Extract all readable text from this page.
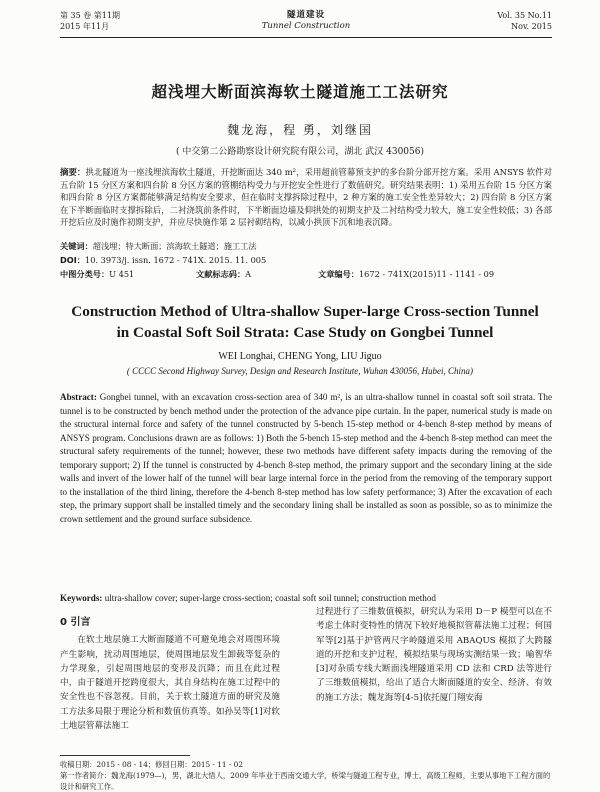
第 35 卷 第11期
2015 年11月
隧道建设
Tunnel Construction
Vol. 35 No.11
Nov. 2015
超浅埋大断面滨海软土隧道施工工法研究
魏龙海，程 勇，刘继国
( 中交第二公路勘察设计研究院有限公司，湖北 武汉 430056)
摘要：拱北隧道为一座浅埋滨海软土隧道，开挖断面达 340 m²，采用超前管幕预支护的多台阶分部开挖方案。采用 ANSYS 软件对五台阶 15 分区方案和四台阶 8 分区方案的管棚结构受力与开挖安全性进行了数值研究。研究结果表明：1) 采用五台阶 15 分区方案和四台阶 8 分区方案都能够满足结构安全要求，但在临时支撑拆除过程中，2 种方案的施工安全性差异较大；2) 四台阶 8 分区方案在下半断面临时支撑拆除后，二衬浇筑前条件时，下半断面边墙及仰拱处的初期支护及二衬结构受力较大，施工安全性较低；3) 各部开挖后应及时施作初期支护，并应尽快施作第 2 层衬砌结构，以减小拱顶下沉和地表沉降。
关键词：超浅埋；特大断面；滨海软土隧道；施工工法
DOI：10. 3973/j. issn. 1672 - 741X. 2015. 11. 005
中图分类号：U 451	文献标志码：A	文章编号：1672 - 741X(2015)11 - 1141 - 09
Construction Method of Ultra-shallow Super-large Cross-section Tunnel
in Coastal Soft Soil Strata: Case Study on Gongbei Tunnel
WEI Longhai, CHENG Yong, LIU Jiguo
( CCCC Second Highway Survey, Design and Research Institute, Wuhan 430056, Hubei, China)
Abstract: Gongbei tunnel, with an excavation cross-section area of 340 m², is an ultra-shallow tunnel in coastal soft soil strata. The tunnel is to be constructed by bench method under the protection of the advance pipe curtain. In the paper, numerical study is made on the structural internal force and safety of the tunnel constructed by 5-bench 15-step method or 4-bench 8-step method by means of ANSYS program. Conclusions drawn are as follows: 1) Both the 5-bench 15-step method and the 4-bench 8-step method can meet the structural safety requirements of the tunnel; however, these two methods have different safety impacts during the removing of the temporary support; 2) If the tunnel is constructed by 4-bench 8-step method, the primary support and the secondary lining at the side walls and invert of the lower half of the tunnel will bear large internal force in the period from the removing of the temporary support to the installation of the third lining, therefore the 4-bench 8-step method has low safety performance; 3) After the excavation of each step, the primary support shall be installed timely and the secondary lining shall be installed as soon as possible, so as to minimize the crown settlement and the ground surface subsidence.
Keywords: ultra-shallow cover; super-large cross-section; coastal soft soil tunnel; construction method
0 引言
在软土地层施工大断面隧道不可避免地会对周围环境产生影响，扰动周围地层，使周围地层发生卸载等复杂的力学现象，引起周围地层的变形及沉降；而且在此过程中，由于隧道开挖跨度很大，其自身结构在施工过程中的安全性也不容忽视。目前，关于软土隧道方面的研究及施工方法多局限于理论分析和数值仿真等。如孙吴等[1]对软土地层管幕法施工
过程进行了三维数值模拟，研究认为采用 D－P 模型可以在不考虑土体时变特性的情况下较好地模拟管幕法施工过程；何国军等[2]基于护管两尺字岭隧道采用 ABAQUS 模拟了大跨隧道的开挖和支护过程，模拟结果与现场实测结果一致；喻智华[3]对杂质专线大断面浅埋隧道采用 CD 法和 CRD 法等进行了三维数值模拟，给出了适合大断面隧道的安全、经济、有效的施工方法；魏龙海等[4-5]依托厦门翔安海
收稿日期：2015 - 08 - 14；修回日期：2015 - 11 - 02
第一作者简介：魏龙海(1979—)，男，湖北大悟人，2009 年毕业于西南交通大学，桥梁与隧道工程专业，博士，高级工程师，主要从事地下工程方面的设计和研究工作。
